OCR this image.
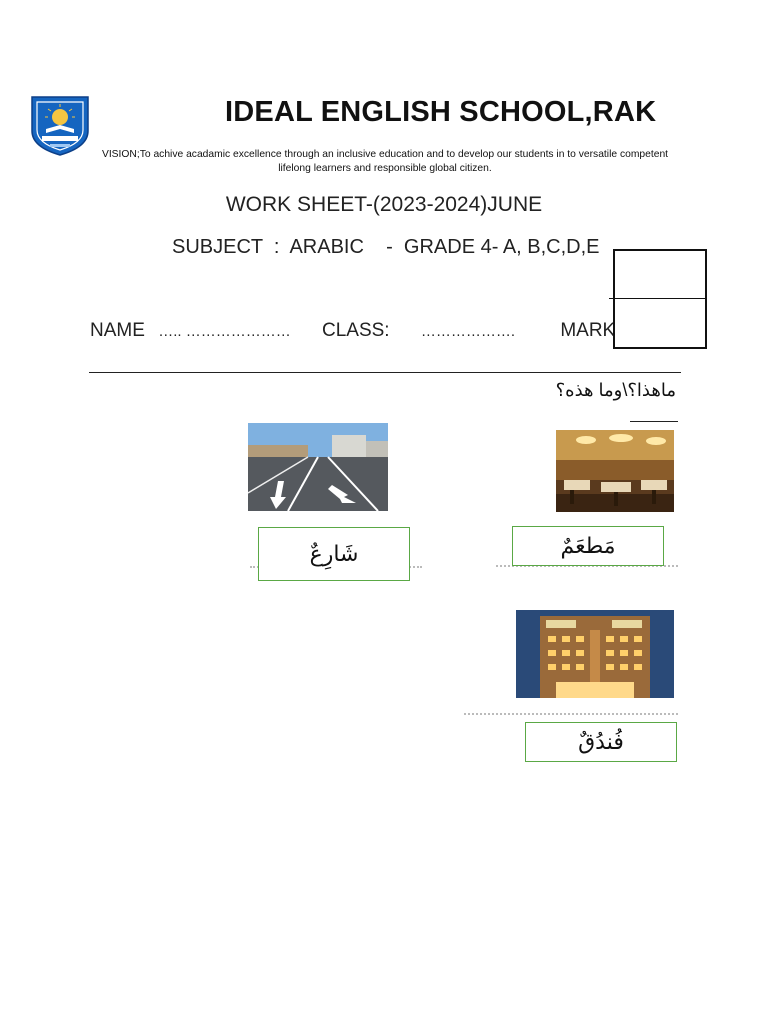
IDEAL ENGLISH SCHOOL,RAK
VISION;To achive acadamic excellence through an inclusive education and to develop our students in to versatile competent lifelong learners and responsible global citizen.
WORK SHEET-(2023-2024)JUNE
SUBJECT  :  ARABIC    -  GRADE 4- A, B,C,D,E
NAME ….. ………………… CLASS: ………………. MARK
ماهذا؟\وما هذه؟
مَطعَمٌ
شَارِعٌ
فُندُقٌ
